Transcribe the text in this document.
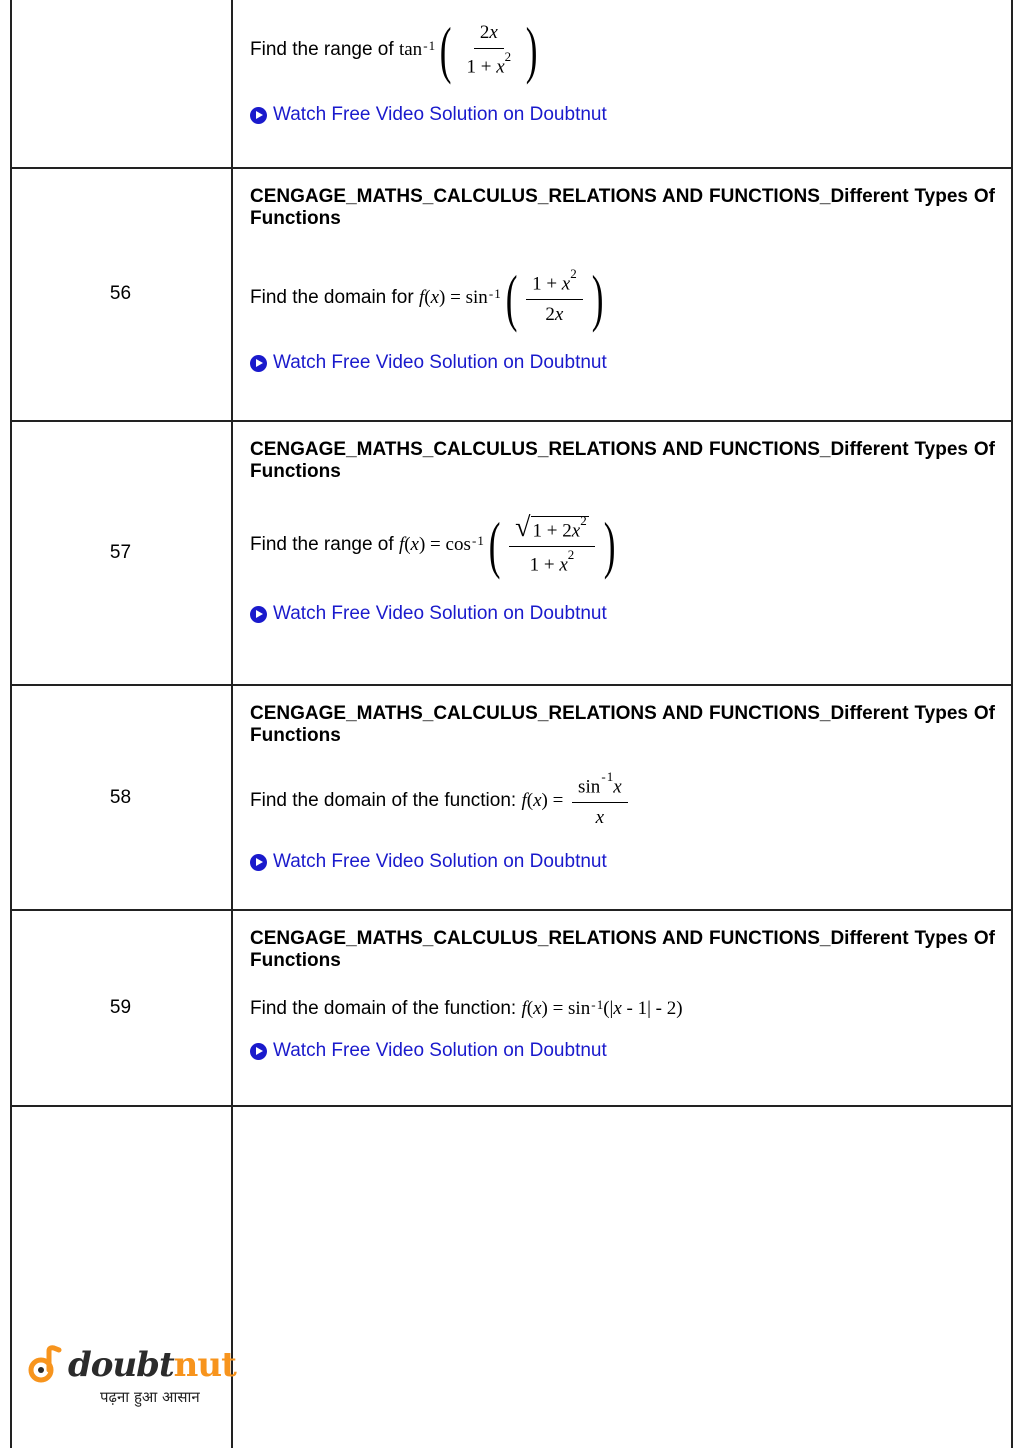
Find the range of tan  - 1 ( $\frac{2x}{1 + x^2}$ )
Watch Free Video Solution on Doubtnut
56
CENGAGE_MATHS_CALCULUS_RELATIONS AND FUNCTIONS_Different Types Of Functions
Find the domain for f ( x ) = sin  - 1 ( $\frac{1 + x^2}{2x}$ )
Watch Free Video Solution on Doubtnut
57
CENGAGE_MATHS_CALCULUS_RELATIONS AND FUNCTIONS_Different Types Of Functions
Find the range of f ( x ) = cos  - 1 ( $\frac{√ 1 + 2x^2}{1 + x^2}$ )
Watch Free Video Solution on Doubtnut
58
CENGAGE_MATHS_CALCULUS_RELATIONS AND FUNCTIONS_Different Types Of Functions
Find the domain of the function: f ( x ) = $\frac{\sin ^{- 1}x}{x}$
Watch Free Video Solution on Doubtnut
59
CENGAGE_MATHS_CALCULUS_RELATIONS AND FUNCTIONS_Different Types Of Functions
Find the domain of the function: f ( x ) = sin  - 1 (| x - 1| - 2)
Watch Free Video Solution on Doubtnut
doubtnut
पढ़ना हुआ आसान
